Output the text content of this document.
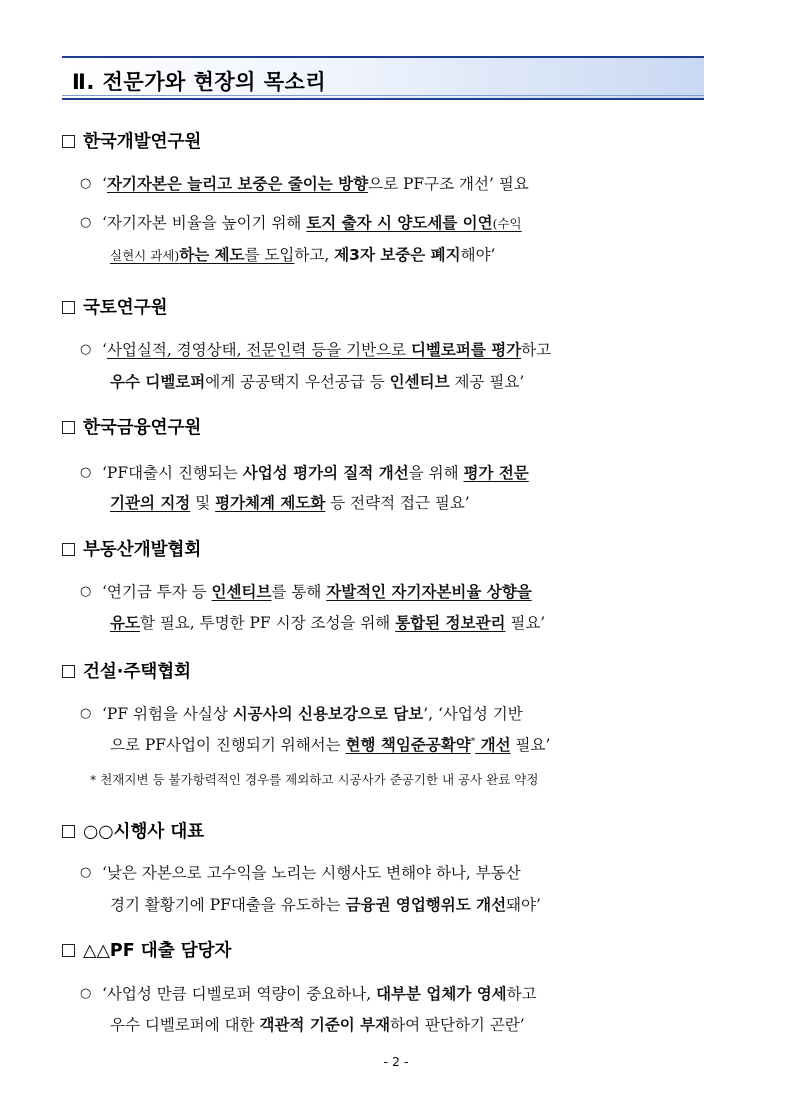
Ⅱ. 전문가와 현장의 목소리
한국개발연구원
○ ‘자기자본은 늘리고 보중은 줄이는 방향으로 PF구조 개선’ 필요
○ ‘자기자본 비율을 높이기 위해 토지 출자 시 양도세를 이연(수익
실현시 과세)하는 제도를 도입하고, 제3자 보중은 폐지해야’
국토연구원
○ ‘사업실적, 경영상태, 전문인력 등을 기반으로 디벨로퍼를 평가하고
우수 디벨로퍼에게 공공택지 우선공급 등 인센티브 제공 필요’
한국금융연구원
○ ‘PF대출시 진행되는 사업성 평가의 질적 개선을 위해 평가 전문
기관의 지정 및 평가체계 제도화 등 전략적 접근 필요’
부동산개발협회
○ ‘연기금 투자 등 인센티브를 통해 자발적인 자기자본비율 상향을
유도할 필요, 투명한 PF 시장 조성을 위해 통합된 정보관리 필요’
건설·주택협회
○ ‘PF 위험을 사실상 시공사의 신용보강으로 담보’, ‘사업성 기반
으로 PF사업이 진행되기 위해서는 현행 책임준공확약* 개선 필요’
* 천재지변 등 불가항력적인 경우를 제외하고 시공사가 준공기한 내 공사 완료 약정
○○시행사 대표
○ ‘낮은 자본으로 고수익을 노리는 시행사도 변해야 하나, 부동산
경기 활황기에 PF대출을 유도하는 금융권 영업행위도 개선돼야’
△△PF 대출 담당자
○ ‘사업성 만큼 디벨로퍼 역량이 중요하나, 대부분 업체가 영세하고
우수 디벨로퍼에 대한 객관적 기준이 부재하여 판단하기 곤란’
- 2 -
